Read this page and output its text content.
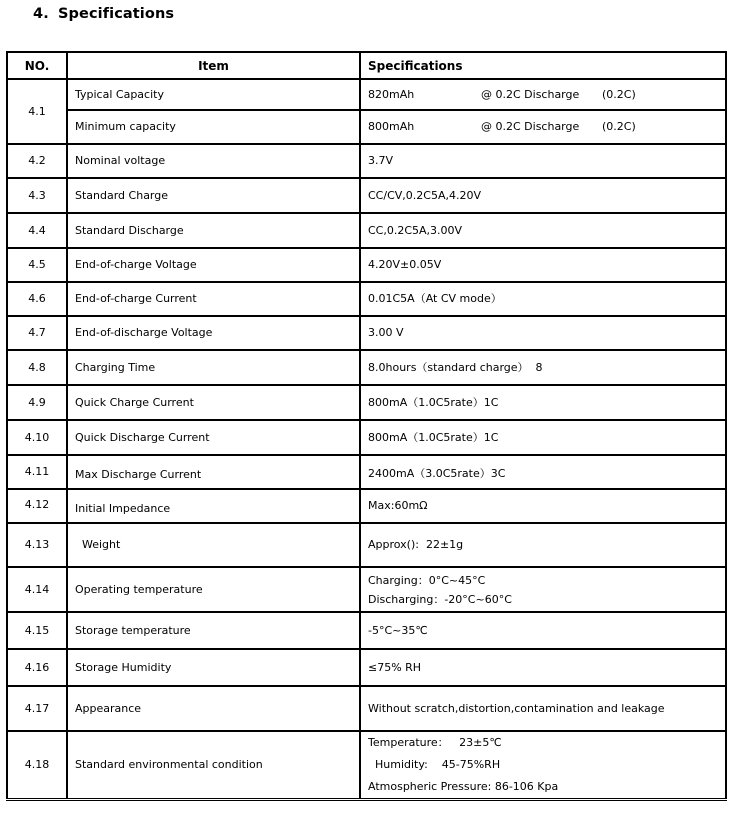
4. Specifications
NO.	Item	Specifications
4.1	Typical Capacity	820mAh @ 0.2C Discharge (0.2C)
	Minimum capacity	800mAh @ 0.2C Discharge (0.2C)
4.2	Nominal voltage	3.7V
4.3	Standard Charge	CC/CV,0.2C5A,4.20V
4.4	Standard Discharge	CC,0.2C5A,3.00V
4.5	End-of-charge Voltage	4.20V±0.05V
4.6	End-of-charge Current	0.01C5A（At CV mode）
4.7	End-of-discharge Voltage	3.00 V
4.8	Charging Time	8.0hours（standard charge）  8
4.9	Quick Charge Current	800mA（1.0C5rate）1C
4.10	Quick Discharge Current	800mA（1.0C5rate）1C
4.11	Max Discharge Current	2400mA（3.0C5rate）3C
4.12	Initial Impedance	Max:60mΩ
4.13	Weight	Approx():  22±1g
4.14	Operating temperature	Charging：0°C~45°C
Discharging：-20°C~60°C

4.15	Storage temperature	-5°C~35℃
4.16	Storage Humidity	≤75% RH
4.17	Appearance	Without scratch,distortion,contamination and leakage
4.18	Standard environmental condition	Temperature：   23±5℃
Humidity:    45-75%RH
Atmospheric Pressure: 86-106 Kpa
